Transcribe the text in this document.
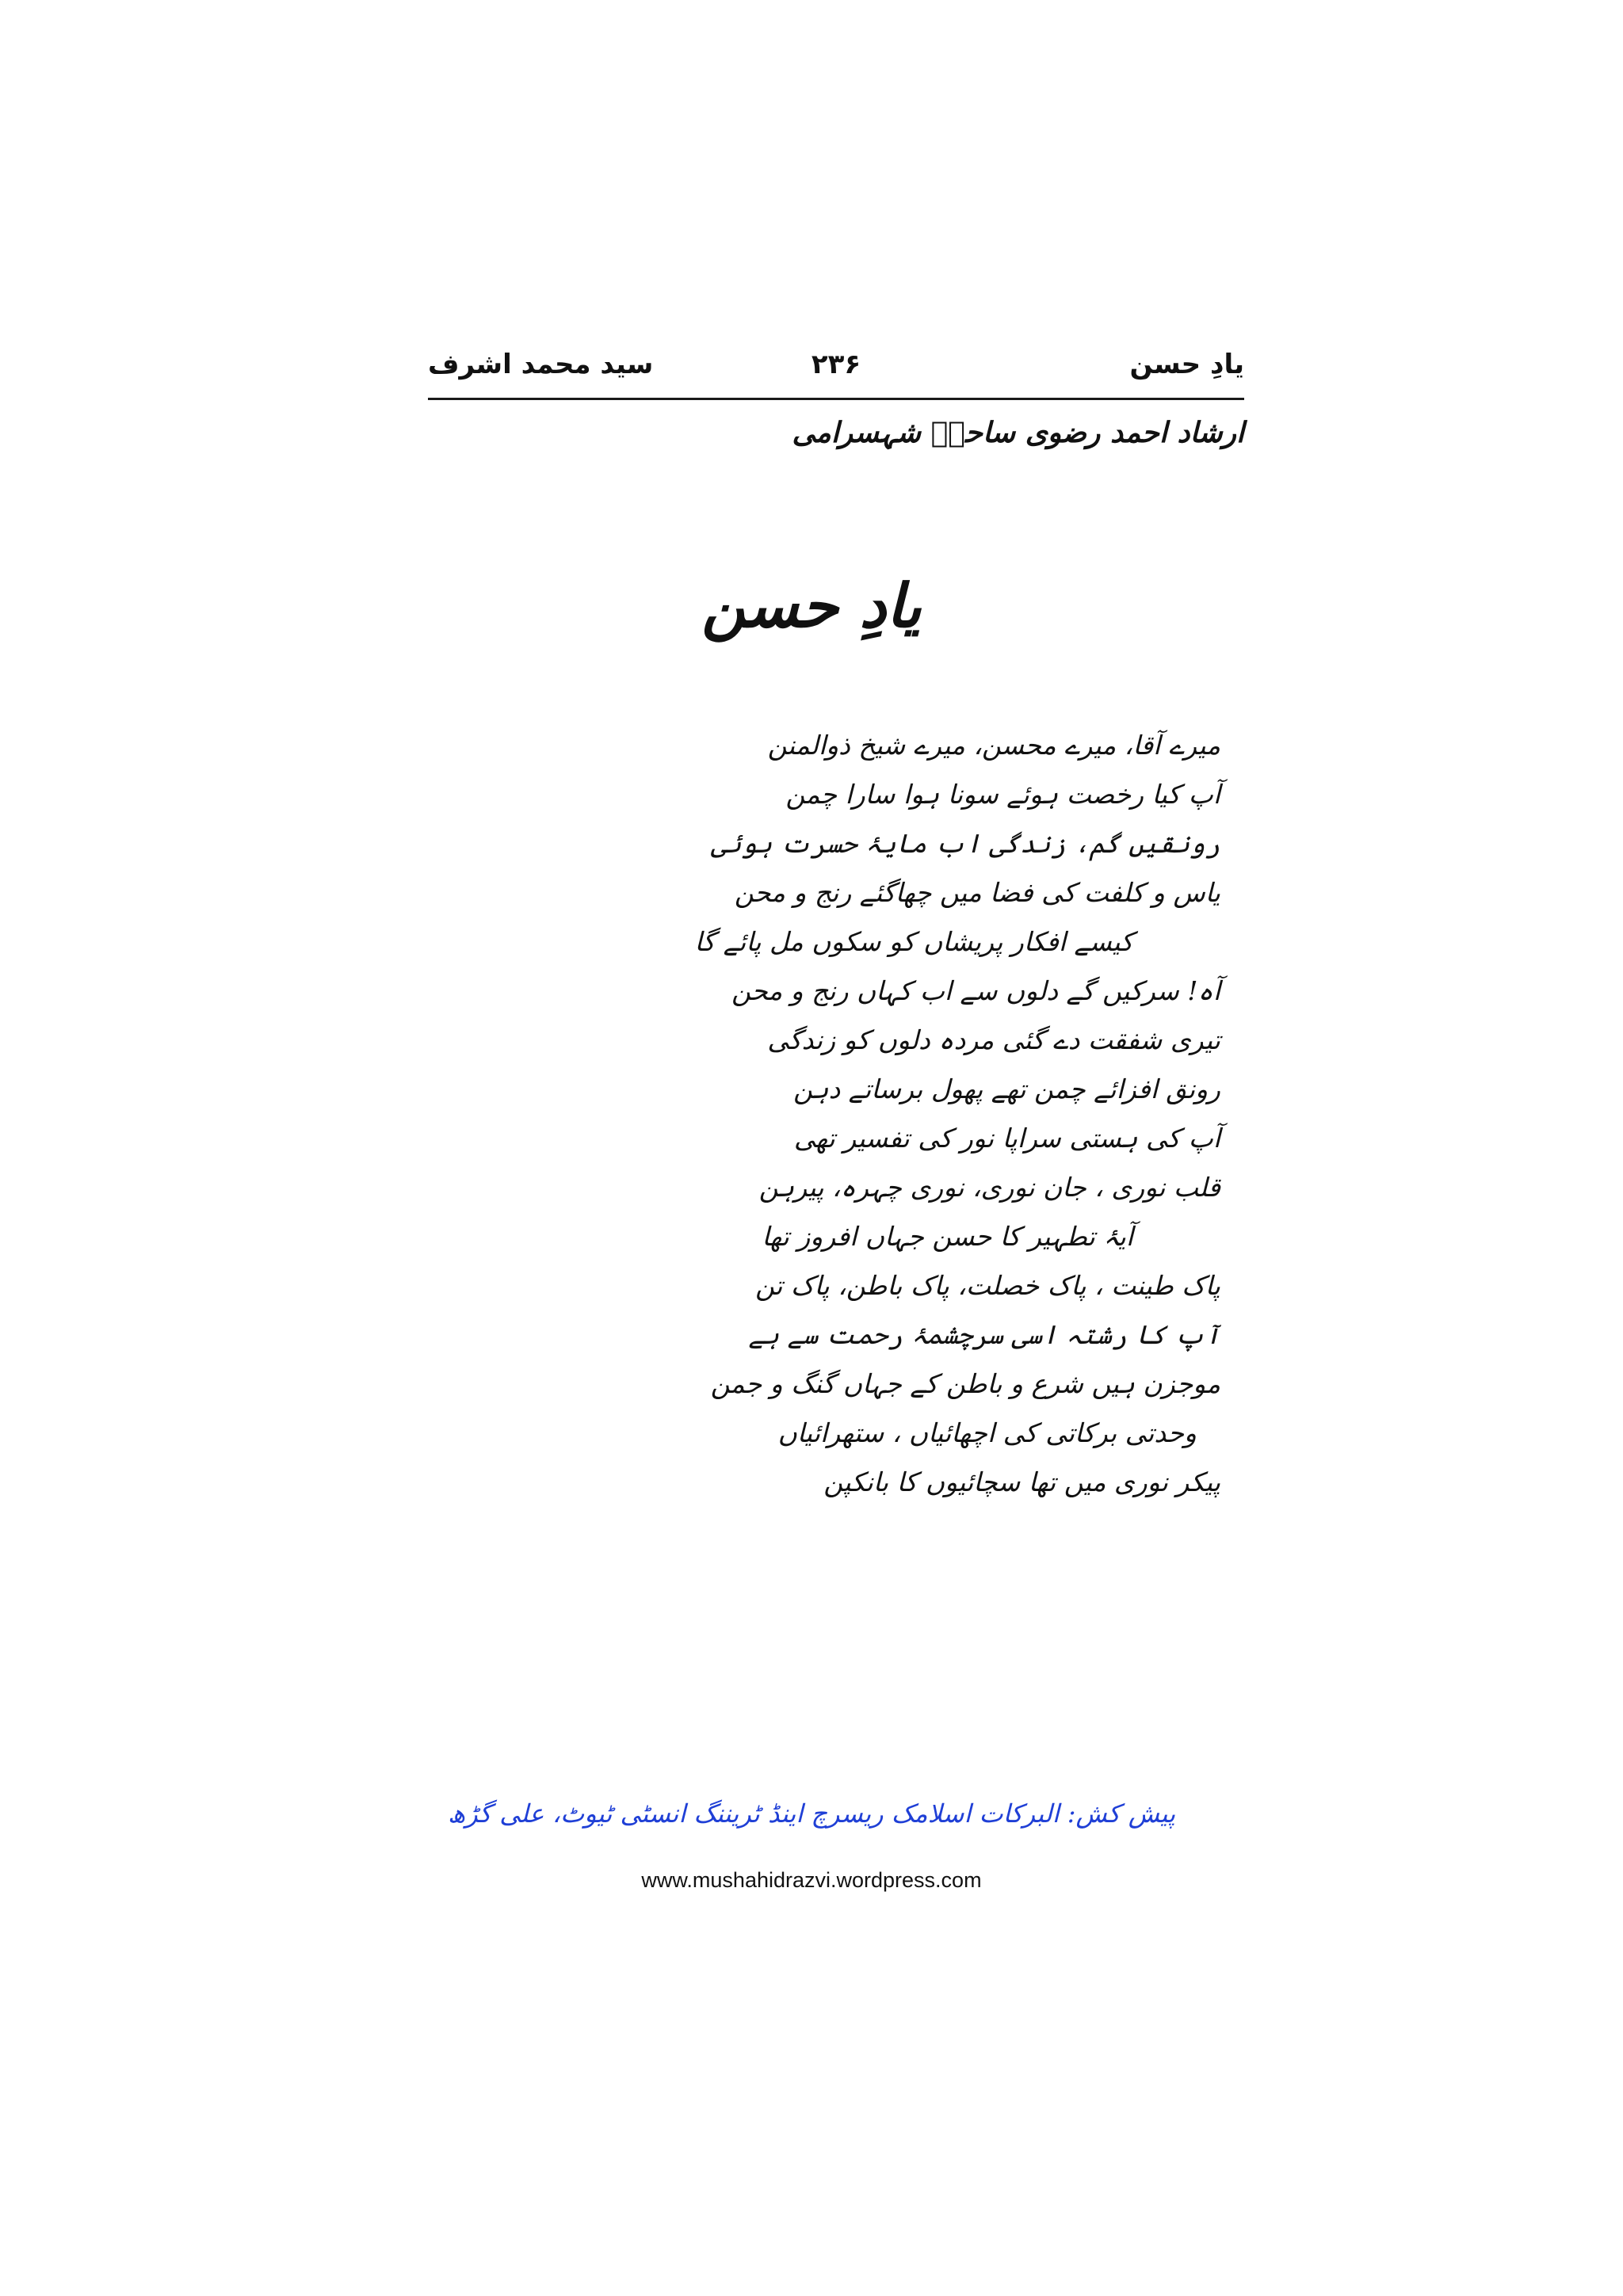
یادِ حسن
۲۳۶
سید محمد اشرف
ارشاد احمد رضوی ساحلؔ شہسرامی
یادِ حسن
میرے آقا، میرے محسن، میرے شیخ ذوالمنن
آپ کیا رخصت ہوئے سونا ہوا سارا چمن
رونقیں گم، زندگی اب مایۂ حسرت ہوئی
یاس و کلفت کی فضا میں چھاگئے رنج و محن
کیسے افکار پریشاں کو سکوں مل پائے گا
آہ! سرکیں گے دلوں سے اب کہاں رنج و محن
تیری شفقت دے گئی مردہ دلوں کو زندگی
رونق افزائے چمن تھے پھول برساتے دہن
آپ کی ہستی سراپا نور کی تفسیر تھی
قلب نوری ، جان نوری، نوری چہرہ، پیرہن
آیۂ تطہیر کا حسن جہاں افروز تھا
پاک طینت ، پاک خصلت، پاک باطن، پاک تن
آپ کا رشتہ اسی سرچشمۂ رحمت سے ہے
موجزن ہیں شرع و باطن کے جہاں گنگ و جمن
وحدتی برکاتی کی اچھائیاں ، ستھرائیاں
پیکر نوری میں تھا سچائیوں کا بانکپن
پیش کش: البرکات اسلامک ریسرچ اینڈ ٹریننگ انسٹی ٹیوٹ، علی گڑھ
www.mushahidrazvi.wordpress.com
